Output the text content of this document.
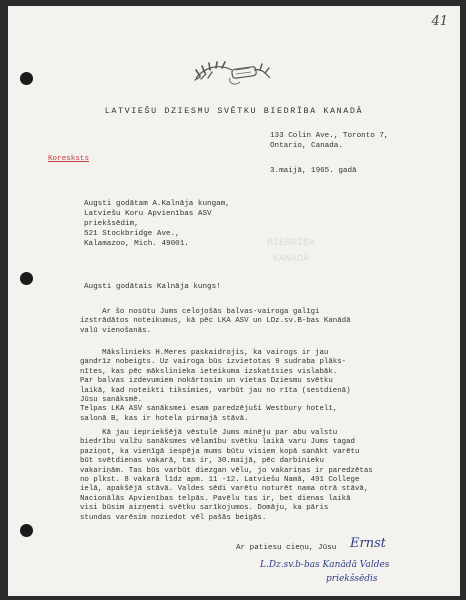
41
BIEDRĪBA
KANADĀ
LATVIEŠU DZIESMU SVĒTKU BIEDRĪBA KANADĀ
133 Colin Ave., Toronto 7,
Ontario, Canada.
Koresksts
3.maijā, 1965. gadā
Augsti godātam A.Kalnāja kungam,
Latviešu Koru Apvienības ASV
priekšsēdim,
521 Stockbridge Ave.,
Kalamazoo, Mich. 49001.
Augsti godātais Kalnāja kungs!
Ar šo nosūtu Jums celojošās balvas-vairoga galīgi
izstrādātos noteikumus, kā pēc LKA ASV un LDz.sv.B-bas Kanādā
valū vienošanās.
Mākslinieks H.Meres paskaidrojis, ka vairogs ir jau
gandrīz nobeigts. Uz vairoga būs izvietotas 9 sudraba plāks-
nītes, kas pēc mākslinieka ieteikuma izskatīsies vislabāk.
Par balvas izdevumiem nokārtosim un vietas Dziesmu svētku
laikā, kad noteikti tiksimies, varbūt jau no rīta (sestdienā)
Jūsu sanāksmē.
Telpas LKA ASV sanāksmei esam paredzējuši Westbury hotelī,
salonā B, kas ir hotela pirmajā stāvā.
Kā jau iepriekšējā vēstulē Jums minēju par abu valstu
biedrību valžu sanāksmes vēlamību svētku laikā varu Jums tagad
paziņot, ka vienīgā iespēja mums būtu visiem kopā sanākt varētu
būt svētdienas vakarā, tas ir, 30.maijā, pēc darbinieku
vakariņām. Tas būs varbūt diezgan vēlu, jo vakariņas ir paredzētas
no plkst. 8 vakarā līdz apm. 11 -12. Latviešu Namā, 491 College
ielā, apakšējā stāvā. Valdes sēdi varētu noturēt nama otrā stāvā,
Nacionālās Apvienības telpās. Pavēlu tas ir, bet dienas laikā
visi būsim aizņemti svētku sarīkojumos. Domāju, ka pāris
stundas varēsim noziedot vēl pašās beigās.
Ar patiesu cieņu, Jūsu Ernst
L.Dz.sv.b-bas Kanādā Valdes
priekšsēdis
